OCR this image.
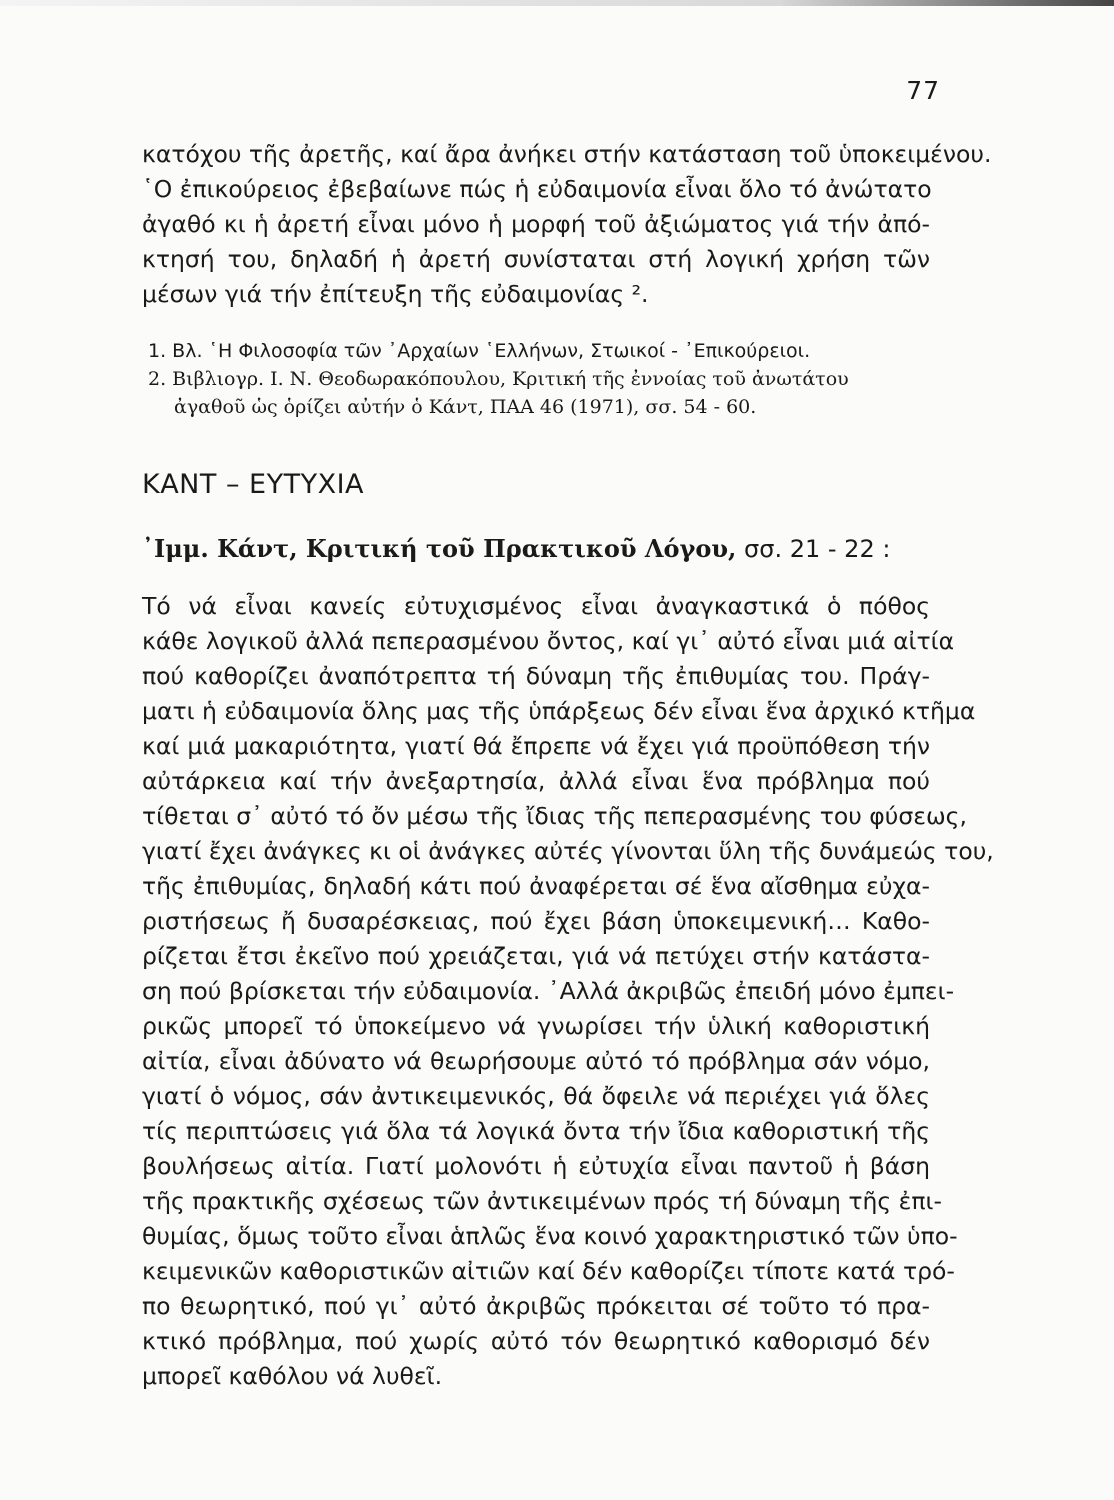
77
κατόχου τῆς ἀρετῆς, καί ἄρα ἀνήκει στήν κατάσταση τοῦ ὑποκειμένου.
῾Ο ἐπικούρειος ἐβεβαίωνε πώς ἡ εὐδαιμονία εἶναι ὅλο τό ἀνώτατο
ἀγαθό κι ἡ ἀρετή εἶναι μόνο ἡ μορφή τοῦ ἀξιώματος γιά τήν ἀπό-
κτησή του, δηλαδή ἡ ἀρετή συνίσταται στή λογική χρήση τῶν
μέσων γιά τήν ἐπίτευξη τῆς εὐδαιμονίας ².
1. Βλ. ῾Η Φιλοσοφία τῶν ᾿Αρχαίων ῾Ελλήνων, Στωικοί - ᾿Επικούρειοι.
2. Βιβλιογρ. Ι. Ν. Θεοδωρακόπουλου, Κριτική τῆς ἐννοίας τοῦ ἀνωτάτου
ἀγαθοῦ ὡς ὁρίζει αὐτήν ὁ Κάντ, ΠΑΑ 46 (1971), σσ. 54 - 60.
ΚΑΝΤ – ΕΥΤΥΧΙΑ
᾿Ιμμ. Κάντ, Κριτική τοῦ Πρακτικοῦ Λόγου, σσ. 21 - 22 :
Τό νά εἶναι κανείς εὐτυχισμένος εἶναι ἀναγκαστικά ὁ πόθος
κάθε λογικοῦ ἀλλά πεπερασμένου ὄντος, καί γι᾿ αὐτό εἶναι μιά αἰτία
πού καθορίζει ἀναπότρεπτα τή δύναμη τῆς ἐπιθυμίας του. Πράγ-
ματι ἡ εὐδαιμονία ὅλης μας τῆς ὑπάρξεως δέν εἶναι ἕνα ἀρχικό κτῆμα
καί μιά μακαριότητα, γιατί θά ἔπρεπε νά ἔχει γιά προϋπόθεση τήν
αὐτάρκεια καί τήν ἀνεξαρτησία, ἀλλά εἶναι ἕνα πρόβλημα πού
τίθεται σ᾿ αὐτό τό ὄν μέσω τῆς ἴδιας τῆς πεπερασμένης του φύσεως,
γιατί ἔχει ἀνάγκες κι οἱ ἀνάγκες αὐτές γίνονται ὕλη τῆς δυνάμεώς του,
τῆς ἐπιθυμίας, δηλαδή κάτι πού ἀναφέρεται σέ ἕνα αἴσθημα εὐχα-
ριστήσεως ἤ δυσαρέσκειας, πού ἔχει βάση ὑποκειμενική… Καθο-
ρίζεται ἔτσι ἐκεῖνο πού χρειάζεται, γιά νά πετύχει στήν κατάστα-
ση πού βρίσκεται τήν εὐδαιμονία. ᾿Αλλά ἀκριβῶς ἐπειδή μόνο ἐμπει-
ρικῶς μπορεῖ τό ὑποκείμενο νά γνωρίσει τήν ὑλική καθοριστική
αἰτία, εἶναι ἀδύνατο νά θεωρήσουμε αὐτό τό πρόβλημα σάν νόμο,
γιατί ὁ νόμος, σάν ἀντικειμενικός, θά ὄφειλε νά περιέχει γιά ὅλες
τίς περιπτώσεις γιά ὅλα τά λογικά ὄντα τήν ἴδια καθοριστική τῆς
βουλήσεως αἰτία. Γιατί μολονότι ἡ εὐτυχία εἶναι παντοῦ ἡ βάση
τῆς πρακτικῆς σχέσεως τῶν ἀντικειμένων πρός τή δύναμη τῆς ἐπι-
θυμίας, ὅμως τοῦτο εἶναι ἁπλῶς ἕνα κοινό χαρακτηριστικό τῶν ὑπο-
κειμενικῶν καθοριστικῶν αἰτιῶν καί δέν καθορίζει τίποτε κατά τρό-
πο θεωρητικό, πού γι᾿ αὐτό ἀκριβῶς πρόκειται σέ τοῦτο τό πρα-
κτικό πρόβλημα, πού χωρίς αὐτό τόν θεωρητικό καθορισμό δέν
μπορεῖ καθόλου νά λυθεῖ.
